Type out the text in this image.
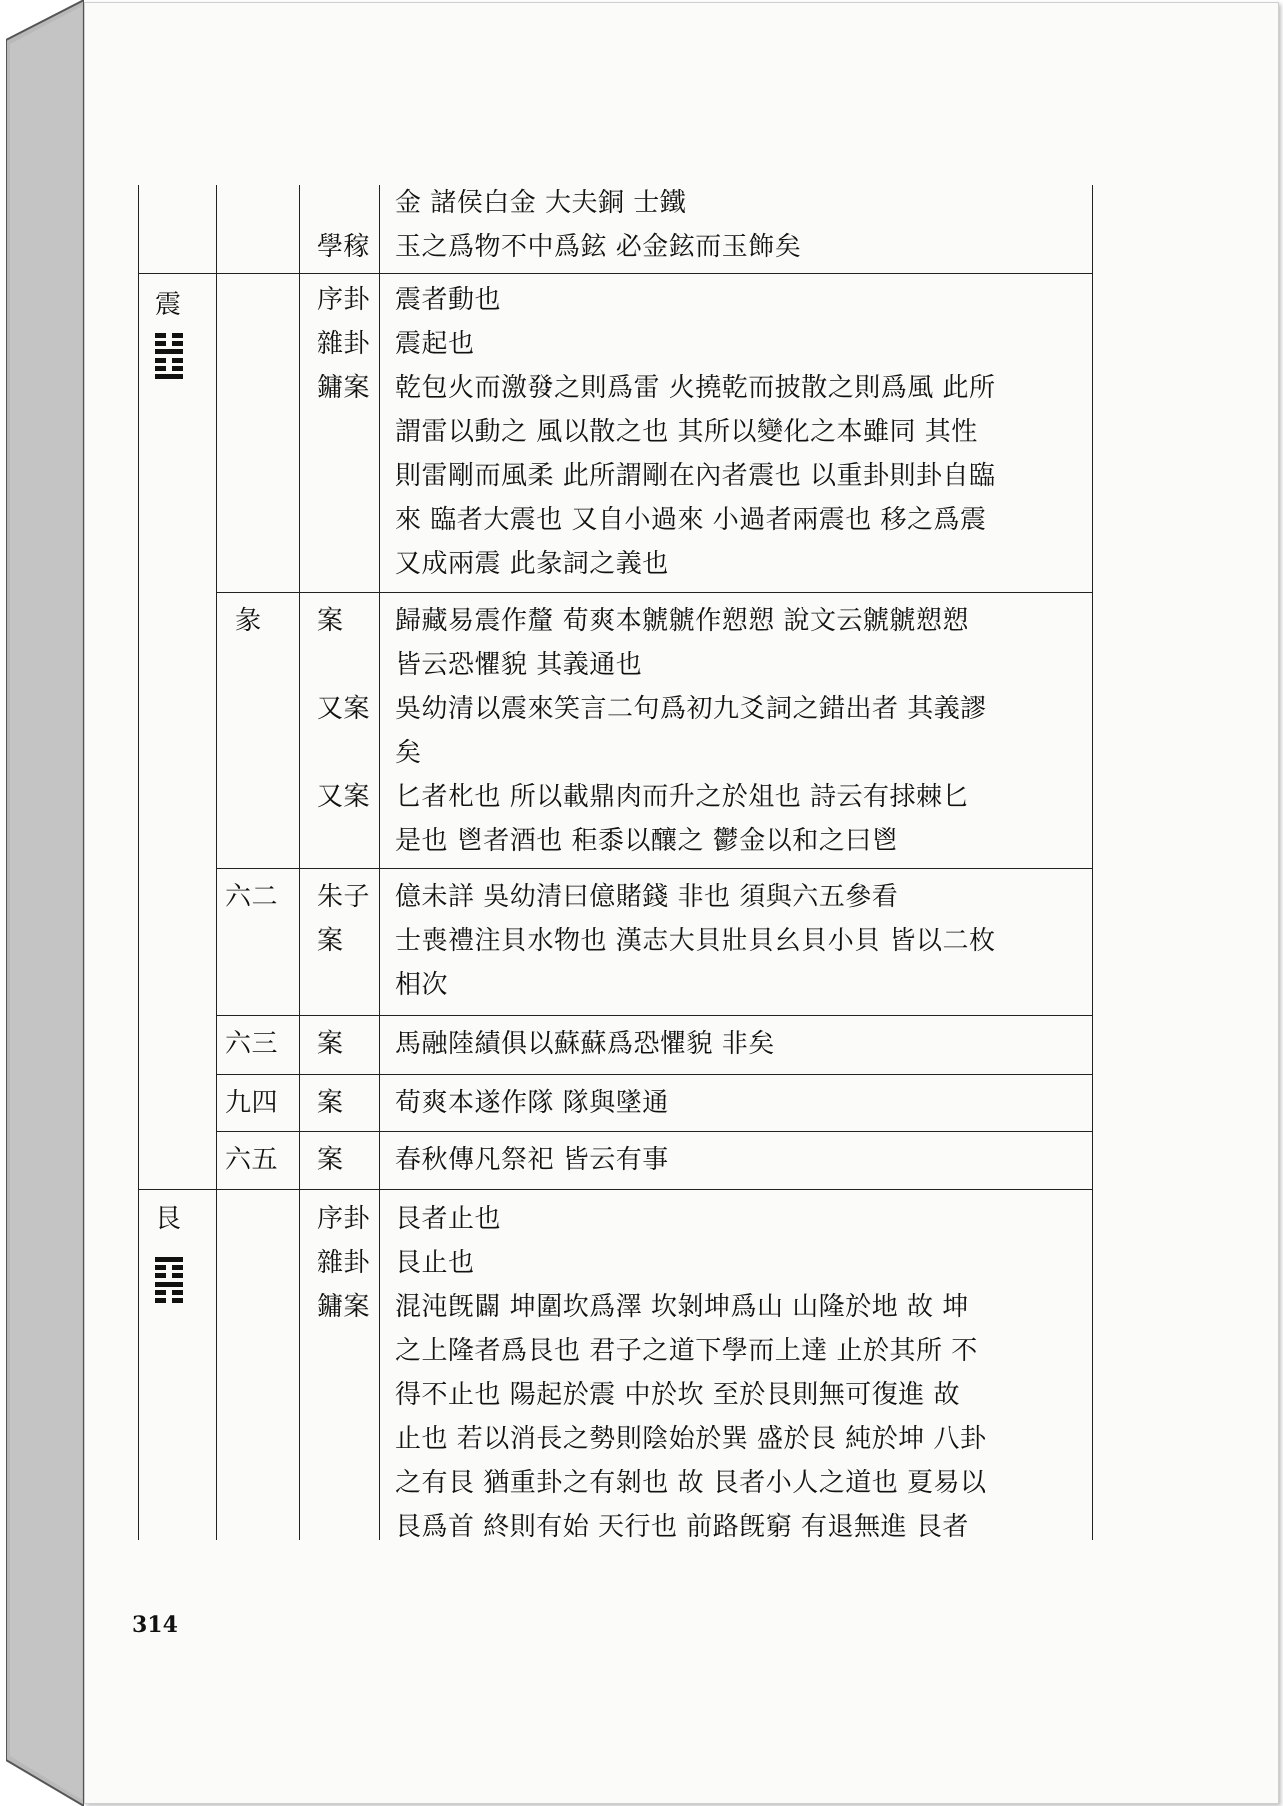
學稼
金 諸侯白金 大夫銅 士鐵
玉之爲物不中爲鉉 必金鉉而玉飾矣
震	序卦
雜卦
鏞案
震者動也
震起也
乾包火而激發之則爲雷 火撓乾而披散之則爲風 此所
謂雷以動之 風以散之也 其所以變化之本雖同 其性
則雷剛而風柔 此所謂剛在內者震也 以重卦則卦自臨
來 臨者大震也 又自小過來 小過者兩震也 移之爲震
又成兩震 此彖詞之義也
彖 案
又案
又案
歸藏易震作釐 荀爽本虩虩作愬愬 說文云虩虩愬愬
皆云恐懼貌 其義通也
吳幼清以震來笑言二句爲初九爻詞之錯出者 其義謬
矣
匕者朼也 所以載鼎肉而升之於俎也 詩云有捄棘匕
是也 鬯者酒也 秬黍以釀之 鬱金以和之曰鬯
六二 朱子
案
億未詳 吳幼清曰億賭錢 非也 須與六五參看
士喪禮注貝水物也 漢志大貝壯貝幺貝小貝 皆以二枚
相次
六三 案 馬融陸績俱以蘇蘇爲恐懼貌 非矣
九四 案 荀爽本遂作隊 隊與墜通
六五 案 春秋傳凡祭祀 皆云有事
艮	序卦
雜卦
鏞案
艮者止也
艮止也
混沌旣闢 坤圍坎爲澤 坎剝坤爲山 山隆於地 故 坤
之上隆者爲艮也 君子之道下學而上達 止於其所 不
得不止也 陽起於震 中於坎 至於艮則無可復進 故
止也 若以消長之勢則陰始於巽 盛於艮 純於坤 八卦
之有艮 猶重卦之有剝也 故 艮者小人之道也 夏易以
艮爲首 終則有始 天行也 前路旣窮 有退無進 艮者
314
